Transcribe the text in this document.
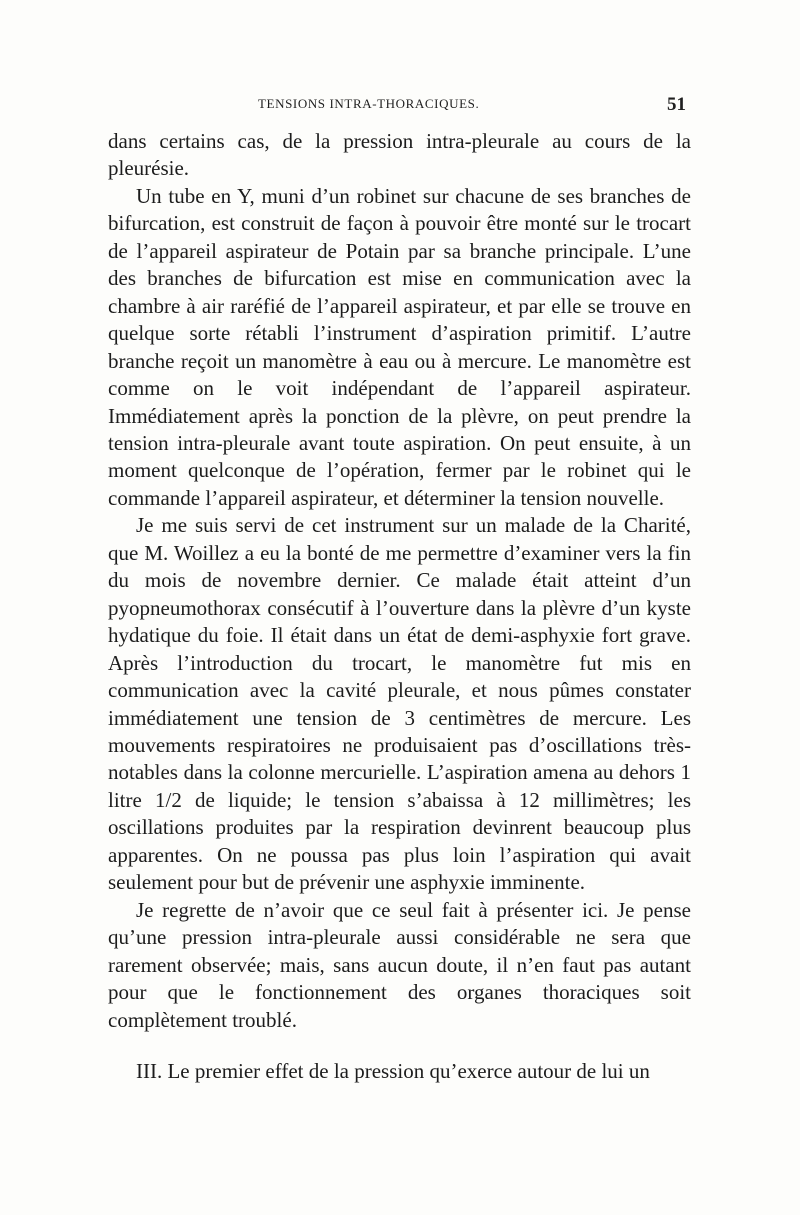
TENSIONS INTRA-THORACIQUES.	51

dans certains cas, de la pression intra-pleurale au cours de la pleurésie.

Un tube en Y, muni d’un robinet sur chacune de ses branches de bifurcation, est construit de façon à pouvoir être monté sur le trocart de l’appareil aspirateur de Potain par sa branche principale. L’une des branches de bifurcation est mise en communication avec la chambre à air raréfié de l’appareil aspirateur, et par elle se trouve en quelque sorte rétabli l’instrument d’aspiration primitif. L’autre branche reçoit un manomètre à eau ou à mercure. Le manomètre est comme on le voit indépendant de l’appareil aspirateur. Immédiatement après la ponction de la plèvre, on peut prendre la tension intra-pleurale avant toute aspiration. On peut ensuite, à un moment quelconque de l’opération, fermer par le robinet qui le commande l’appareil aspirateur, et déterminer la tension nouvelle.

Je me suis servi de cet instrument sur un malade de la Charité, que M. Woillez a eu la bonté de me permettre d’examiner vers la fin du mois de novembre dernier. Ce malade était atteint d’un pyopneumothorax consécutif à l’ouverture dans la plèvre d’un kyste hydatique du foie. Il était dans un état de demi-asphyxie fort grave. Après l’introduction du trocart, le manomètre fut mis en communication avec la cavité pleurale, et nous pûmes constater immédiatement une tension de 3 centimètres de mercure. Les mouvements respiratoires ne produisaient pas d’oscillations très-notables dans la colonne mercurielle. L’aspiration amena au dehors 1 litre 1/2 de liquide; le tension s’abaissa à 12 millimètres; les oscillations produites par la respiration devinrent beaucoup plus apparentes. On ne poussa pas plus loin l’aspiration qui avait seulement pour but de prévenir une asphyxie imminente.

Je regrette de n’avoir que ce seul fait à présenter ici. Je pense qu’une pression intra-pleurale aussi considérable ne sera que rarement observée; mais, sans aucun doute, il n’en faut pas autant pour que le fonctionnement des organes thoraciques soit complètement troublé.

III. Le premier effet de la pression qu’exerce autour de lui un
